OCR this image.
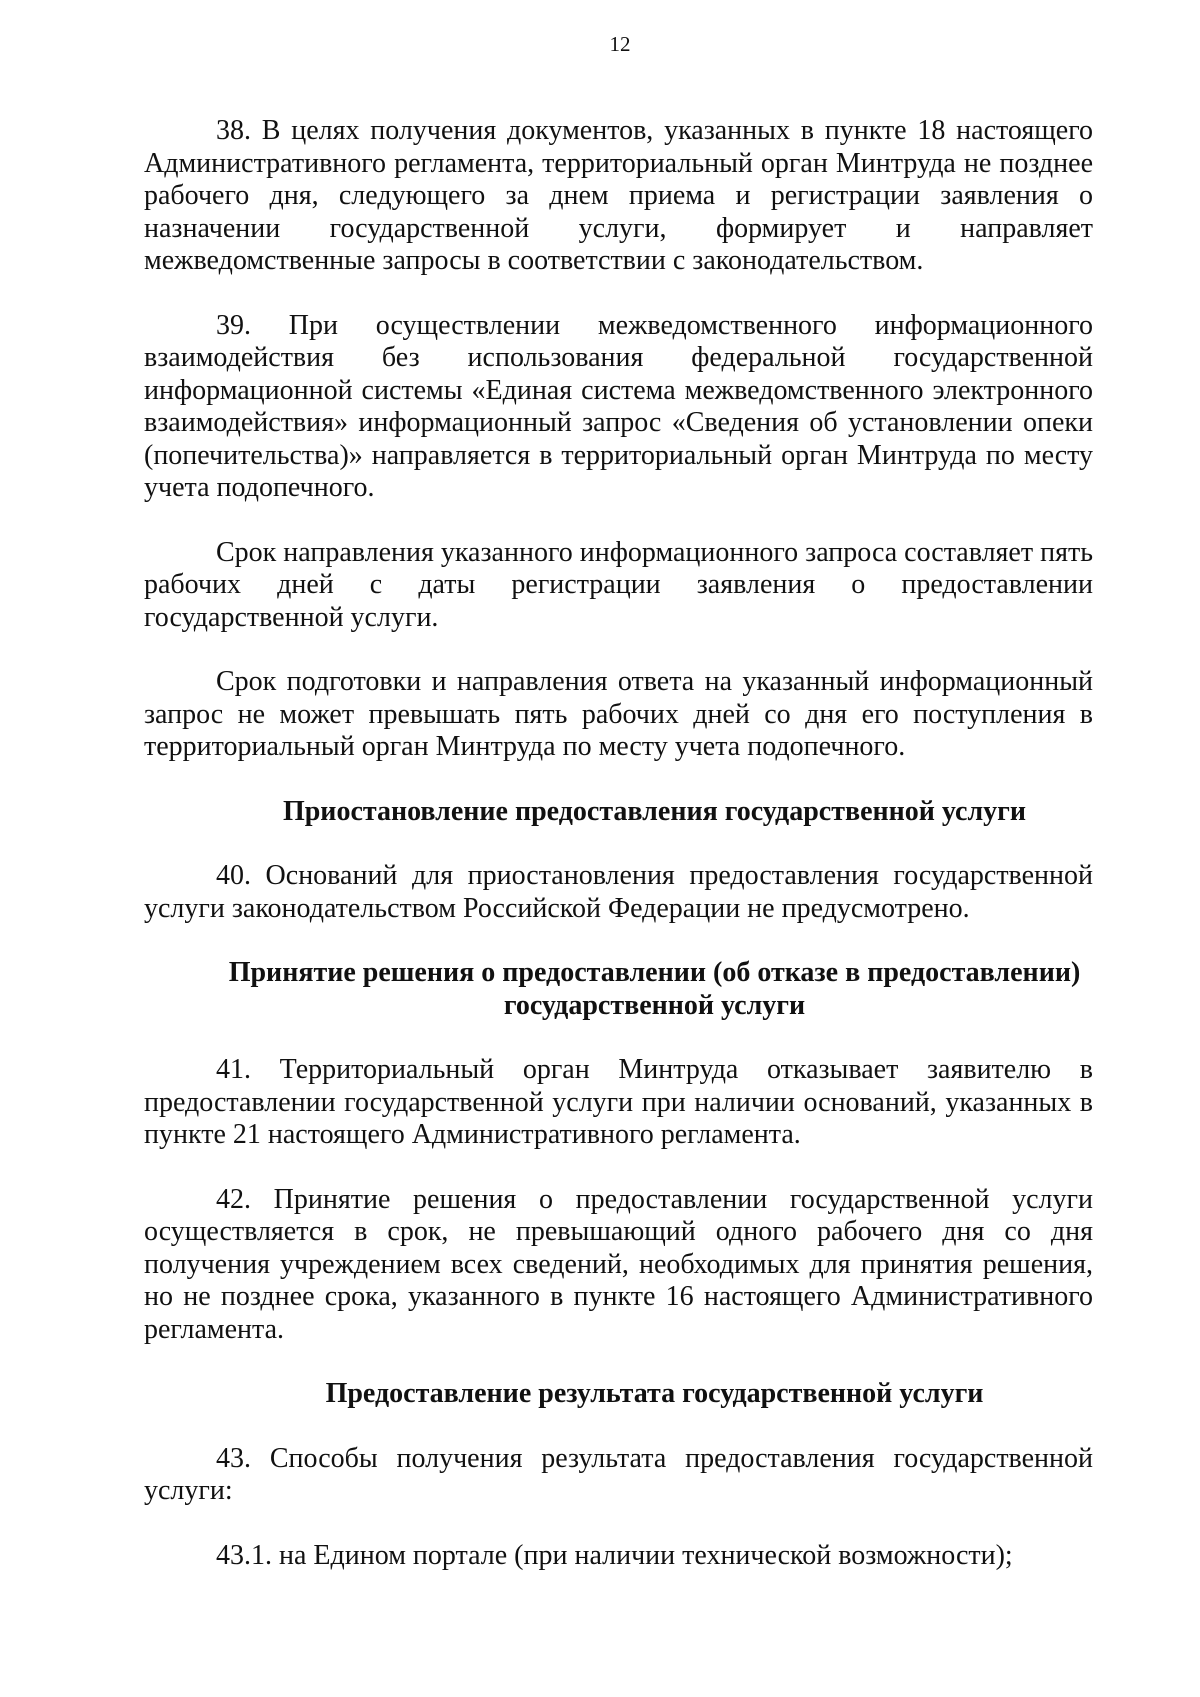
12

38. В целях получения документов, указанных в пункте 18 настоящего Административного регламента, территориальный орган Минтруда не позднее рабочего дня, следующего за днем приема и регистрации заявления о назначении государственной услуги, формирует и направляет межведомственные запросы в соответствии с законодательством.

39. При осуществлении межведомственного информационного взаимодействия без использования федеральной государственной информационной системы «Единая система межведомственного электронного взаимодействия» информационный запрос «Сведения об установлении опеки (попечительства)» направляется в территориальный орган Минтруда по месту учета подопечного.

Срок направления указанного информационного запроса составляет пять рабочих дней с даты регистрации заявления о предоставлении государственной услуги.

Срок подготовки и направления ответа на указанный информационный запрос не может превышать пять рабочих дней со дня его поступления в территориальный орган Минтруда по месту учета подопечного.

Приостановление предоставления государственной услуги

40. Оснований для приостановления предоставления государственной услуги законодательством Российской Федерации не предусмотрено.

Принятие решения о предоставлении (об отказе в предоставлении) государственной услуги

41. Территориальный орган Минтруда отказывает заявителю в предоставлении государственной услуги при наличии оснований, указанных в пункте 21 настоящего Административного регламента.

42. Принятие решения о предоставлении государственной услуги осуществляется в срок, не превышающий одного рабочего дня со дня получения учреждением всех сведений, необходимых для принятия решения, но не позднее срока, указанного в пункте 16 настоящего Административного регламента.

Предоставление результата государственной услуги

43. Способы получения результата предоставления государственной услуги:

43.1. на Едином портале (при наличии технической возможности);
